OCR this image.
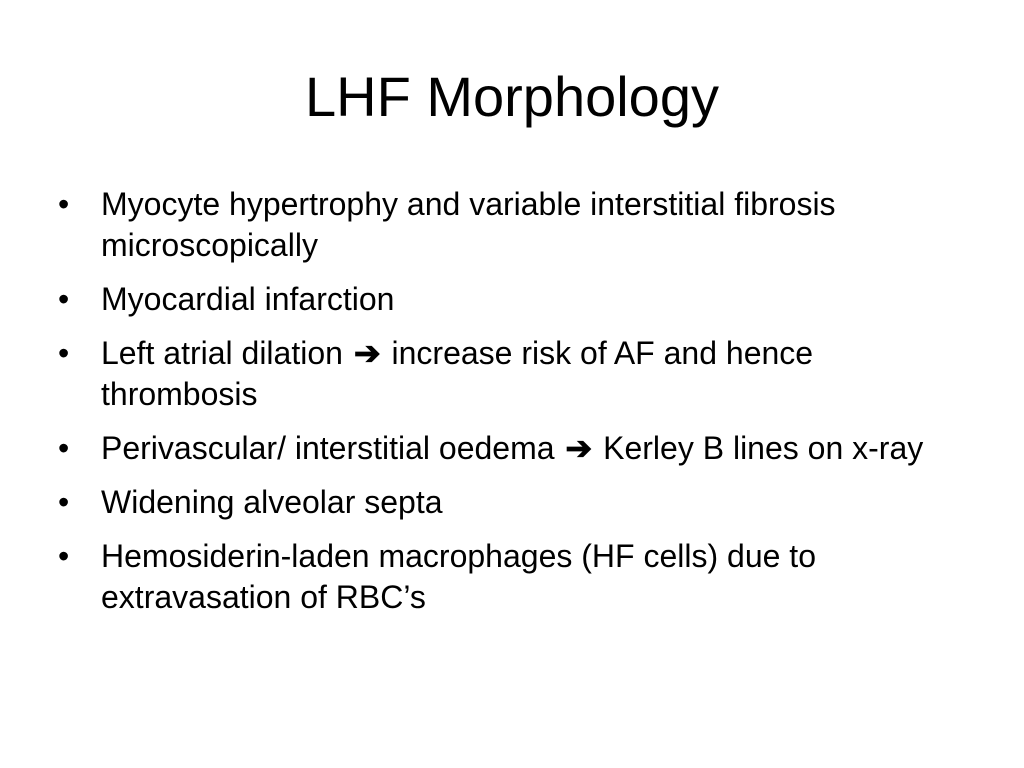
LHF Morphology
• Myocyte hypertrophy and variable interstitial fibrosis microscopically
• Myocardial infarction
• Left atrial dilation ➔ increase risk of AF and hence thrombosis
• Perivascular/ interstitial oedema ➔ Kerley B lines on x-ray
• Widening alveolar septa
• Hemosiderin-laden macrophages (HF cells) due to extravasation of RBC’s
